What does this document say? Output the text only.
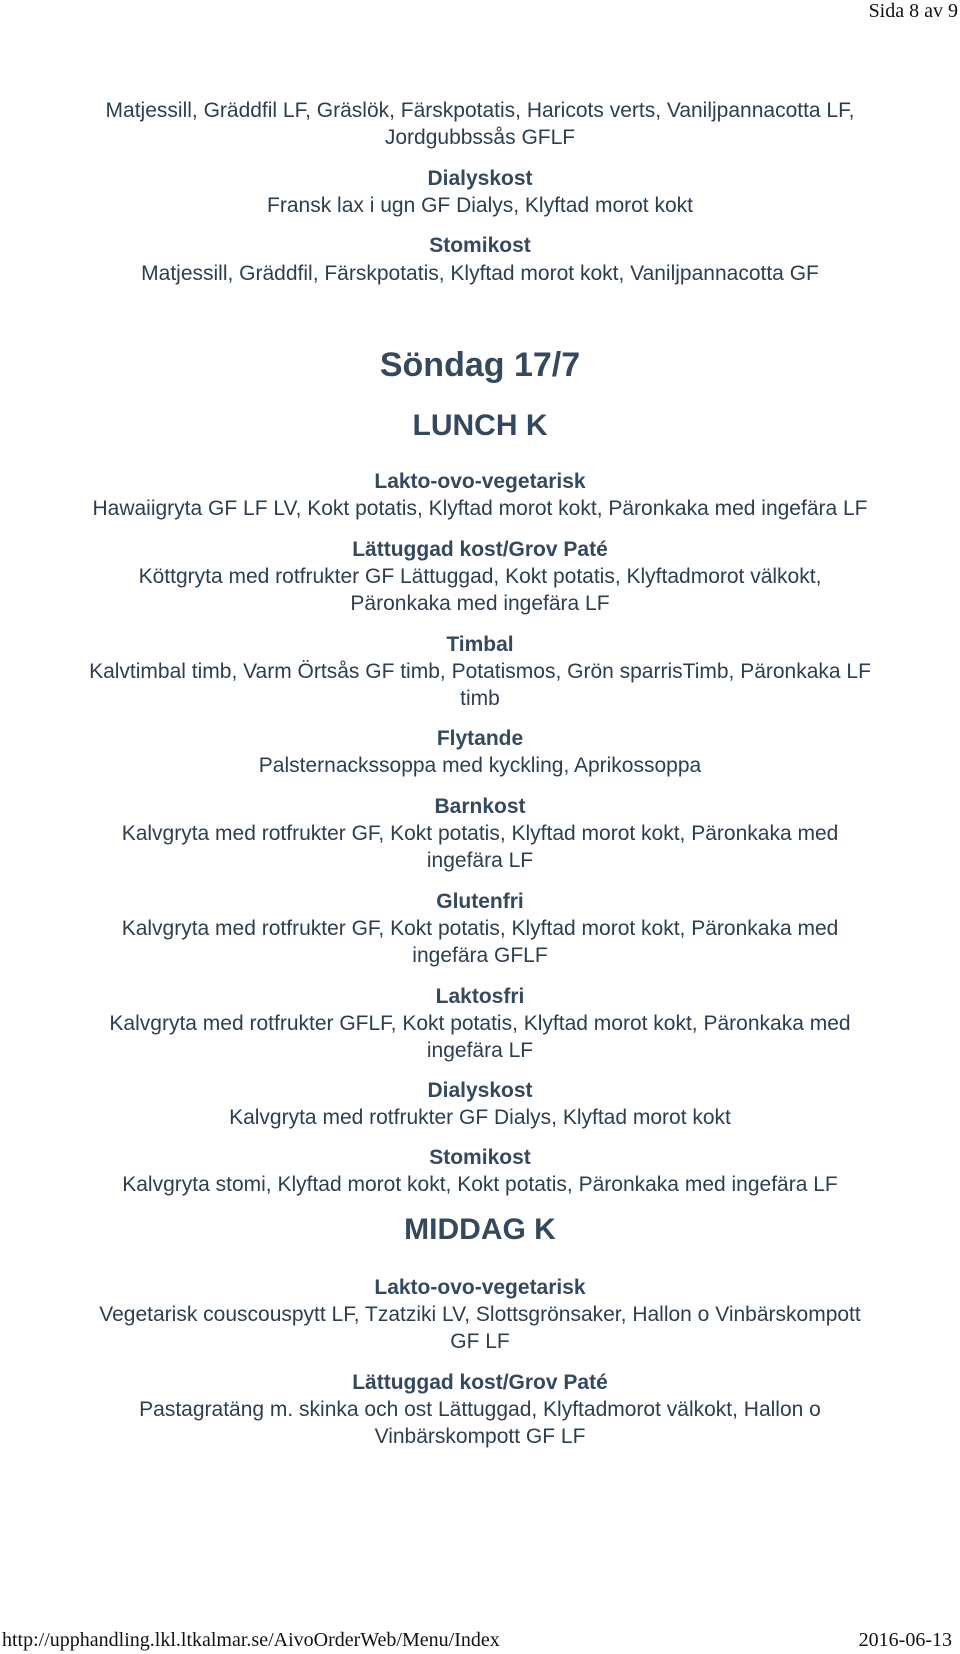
Sida 8 av 9
Matjessill, Gräddfil LF, Gräslök, Färskpotatis, Haricots verts, Vaniljpannacotta LF,
Jordgubbssås GFLF
Dialyskost
Fransk lax i ugn GF Dialys, Klyftad morot kokt
Stomikost
Matjessill, Gräddfil, Färskpotatis, Klyftad morot kokt, Vaniljpannacotta GF
Söndag 17/7
LUNCH K
Lakto-ovo-vegetarisk
Hawaiigryta GF LF LV, Kokt potatis, Klyftad morot kokt, Päronkaka med ingefära LF
Lättuggad kost/Grov Paté
Köttgryta med rotfrukter GF Lättuggad, Kokt potatis, Klyftadmorot välkokt,
Päronkaka med ingefära LF
Timbal
Kalvtimbal timb, Varm Örtsås GF timb, Potatismos, Grön sparrisTimb, Päronkaka LF
timb
Flytande
Palsternackssoppa med kyckling, Aprikossoppa
Barnkost
Kalvgryta med rotfrukter GF, Kokt potatis, Klyftad morot kokt, Päronkaka med
ingefära LF
Glutenfri
Kalvgryta med rotfrukter GF, Kokt potatis, Klyftad morot kokt, Päronkaka med
ingefära GFLF
Laktosfri
Kalvgryta med rotfrukter GFLF, Kokt potatis, Klyftad morot kokt, Päronkaka med
ingefära LF
Dialyskost
Kalvgryta med rotfrukter GF Dialys, Klyftad morot kokt
Stomikost
Kalvgryta stomi, Klyftad morot kokt, Kokt potatis, Päronkaka med ingefära LF
MIDDAG K
Lakto-ovo-vegetarisk
Vegetarisk couscouspytt LF, Tzatziki LV, Slottsgrönsaker, Hallon o Vinbärskompott
GF LF
Lättuggad kost/Grov Paté
Pastagratäng m. skinka och ost Lättuggad, Klyftadmorot välkokt, Hallon o
Vinbärskompott GF LF
http://upphandling.lkl.ltkalmar.se/AivoOrderWeb/Menu/Index	2016-06-13
